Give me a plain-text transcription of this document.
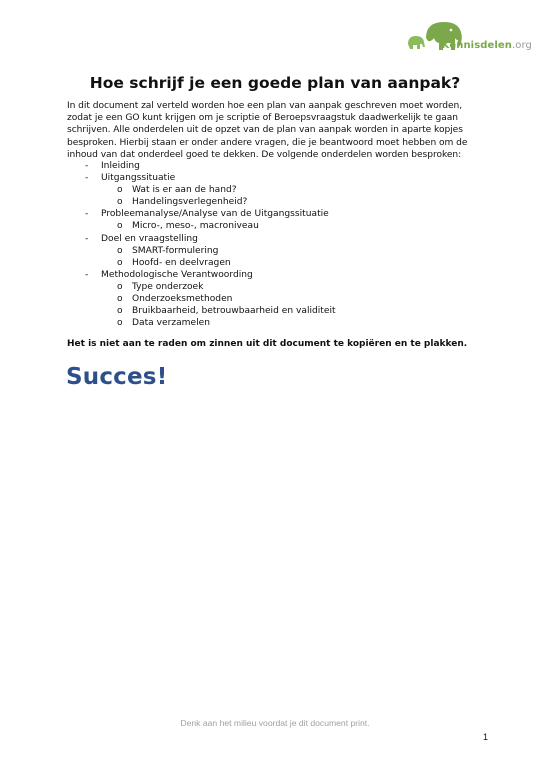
Kennisdelen.org
Hoe schrijf je een goede plan van aanpak?
In dit document zal verteld worden hoe een plan van aanpak geschreven moet worden, zodat je een GO kunt krijgen om je scriptie of Beroepsvraagstuk daadwerkelijk te gaan schrijven. Alle onderdelen uit de opzet van de plan van aanpak worden in aparte kopjes besproken. Hierbij staan er onder andere vragen, die je beantwoord moet hebben om de inhoud van dat onderdeel goed te dekken. De volgende onderdelen worden besproken:
-	Inleiding
-	Uitgangssituatie
o	Wat is er aan de hand?
o	Handelingsverlegenheid?
-	Probleemanalyse/Analyse van de Uitgangssituatie
o	Micro-, meso-, macroniveau
-	Doel en vraagstelling
o	SMART-formulering
o	Hoofd- en deelvragen
-	Methodologische Verantwoording
o	Type onderzoek
o	Onderzoeksmethoden
o	Bruikbaarheid, betrouwbaarheid en validiteit
o	Data verzamelen
Het is niet aan te raden om zinnen uit dit document te kopiëren en te plakken.
Succes!
Denk aan het milieu voordat je dit document print.
1
